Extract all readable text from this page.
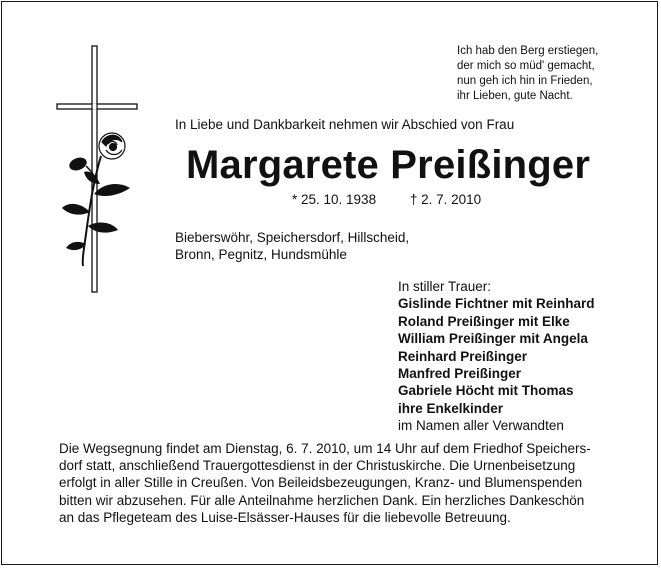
Ich hab den Berg erstiegen,
der mich so müd' gemacht,
nun geh ich hin in Frieden,
ihr Lieben, gute Nacht.
In Liebe und Dankbarkeit nehmen wir Abschied von Frau
Margarete Preißinger
* 25. 10. 1938	† 2. 7. 2010
Bieberswöhr, Speichersdorf, Hillscheid,
Bronn, Pegnitz, Hundsmühle
In stiller Trauer:
Gislinde Fichtner mit Reinhard
Roland Preißinger mit Elke
William Preißinger mit Angela
Reinhard Preißinger
Manfred Preißinger
Gabriele Höcht mit Thomas
ihre Enkelkinder
im Namen aller Verwandten
Die Wegsegnung findet am Dienstag, 6. 7. 2010, um 14 Uhr auf dem Friedhof Speichers-
dorf statt, anschließend Trauergottesdienst in der Christuskirche. Die Urnenbeisetzung
erfolgt in aller Stille in Creußen. Von Beileidsbezeugungen, Kranz- und Blumenspenden
bitten wir abzusehen. Für alle Anteilnahme herzlichen Dank. Ein herzliches Dankeschön
an das Pflegeteam des Luise-Elsässer-Hauses für die liebevolle Betreuung.
